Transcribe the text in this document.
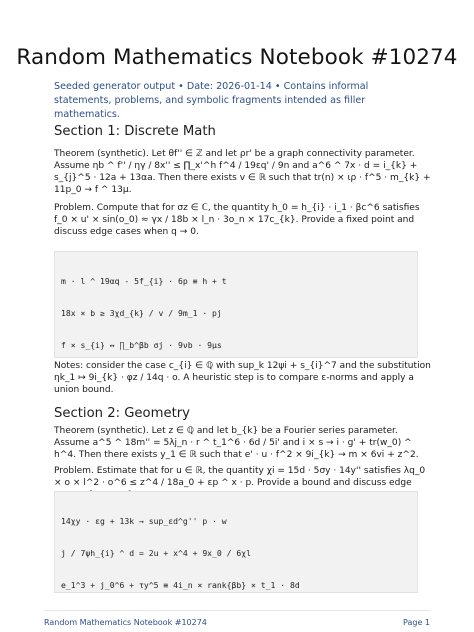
Random Mathematics Notebook #10274

Seeded generator output • Date: 2026-01-14 • Contains informal statements, problems, and symbolic fragments intended as filler mathematics.

Section 1: Discrete Math

Theorem (synthetic). Let θf'' ∈ ℤ and let ρr' be a graph connectivity parameter. Assume ηb ^ f'' / ηγ / 8x'' ≤ ∏_x'^h f^4 / 19εq' / 9n and a^6 ^ 7x · d = i_{k} + s_{j}^5 · 12a + 13αa. Then there exists v ∈ ℝ such that tr(n) × ιρ · f^5 · m_{k} + 11p_0 → f ^ 13μ.

Problem. Compute that for σz ∈ ℂ, the quantity h_0 = h_{i} · i_1 · βc^6 satisfies f_0 × u' × sin(o_0) ≈ γx / 18b × l_n · 3o_n × 17c_{k}. Provide a fixed point and discuss edge cases when q → 0.

m · l ^ 19αq - 5f_{i} · 6p ≡ h + t

18x × b ≥ 3χd_{k} / v / 9m_1 · pj

f × s_{i} ↔ ∏_b^βb σj · 9νb · 9μs

Notes: consider the case c_{i} ∈ ℚ with sup_k 12ψi + s_{i}^7 and the substitution ηk_1 ↦ 9i_{k} · φz / 14q · o. A heuristic step is to compare ε-norms and apply a union bound.

Section 2: Geometry

Theorem (synthetic). Let z ∈ ℚ and let b_{k} be a Fourier series parameter. Assume a^5 ^ 18m'' = 5λj_n · r ^ t_1^6 · 6d / 5i' and i × s → i · g' + tr(w_0) ^ h^4. Then there exists y_1 ∈ ℝ such that e' · u · f^2 × 9i_{k} → m × 6vi + z^2.

Problem. Estimate that for u ∈ ℝ, the quantity χi = 15d · 5σy · 14y'' satisfies λq_0 × o × l^2 · o^6 ≤ z^4 / 18a_0 + εp ^ x · p. Provide a bound and discuss edge

14χy · εg + 13k → sup_εd^g'' p · w

j / 7ψh_{i} ^ d = 2u + x^4 + 9x_0 / 6χl

e_1^3 + j_0^6 + τy^5 ≡ 4i_n × rank{βb} × t_1 · 8d

Random Mathematics Notebook #10274	Page 1
